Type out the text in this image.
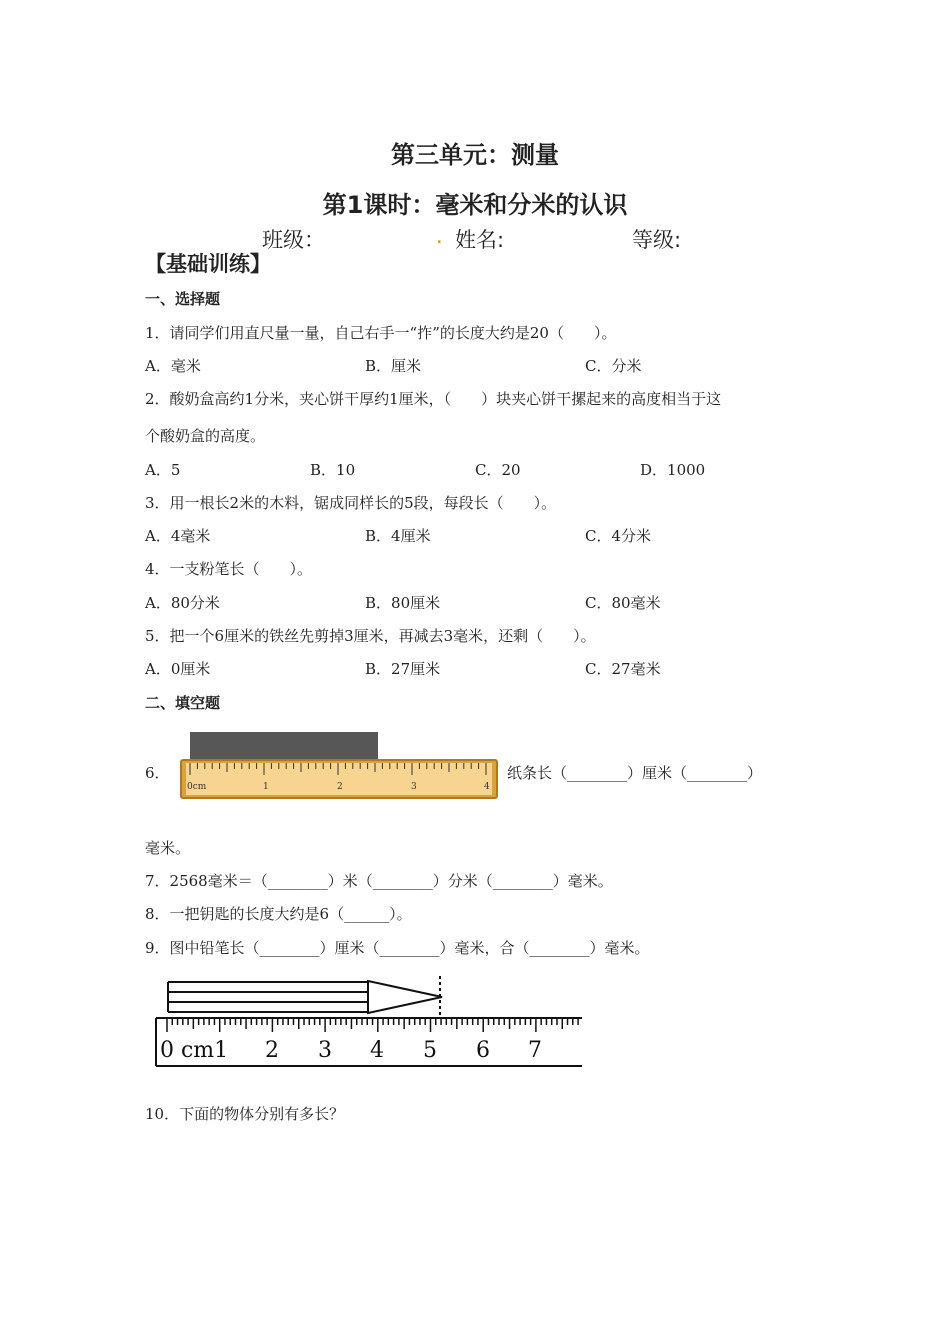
第三单元：测量
第1课时：毫米和分米的认识
班级：	. 姓名:	等级:
【基础训练】
一、选择题
1．请同学们用直尺量一量，自己右手一“拃”的长度大约是20（　　）。
A．毫米	B．厘米	C．分米
2．酸奶盒高约1分米，夹心饼干厚约1厘米，（　　）块夹心饼干摞起来的高度相当于这
个酸奶盒的高度。
A．5	B．10	C．20	D．1000
3．用一根长2米的木料，锯成同样长的5段，每段长（　　）。
A．4毫米	B．4厘米	C．4分米
4．一支粉笔长（　　）。
A．80分米	B．80厘米	C．80毫米
5．把一个6厘米的铁丝先剪掉3厘米，再减去3毫米，还剩（　　）。
A．0厘米	B．27厘米	C．27毫米
二、填空题
6．
0cm	1	2	3	4
纸条长（________）厘米（________）
毫米。
7．2568毫米＝（________）米（________）分米（________）毫米。
8．一把钥匙的长度大约是6（______）。
9．图中铅笔长（________）厘米（________）毫米，合（________）毫米。
0 cm1 2 3 4 5 6 7
10．下面的物体分别有多长？
